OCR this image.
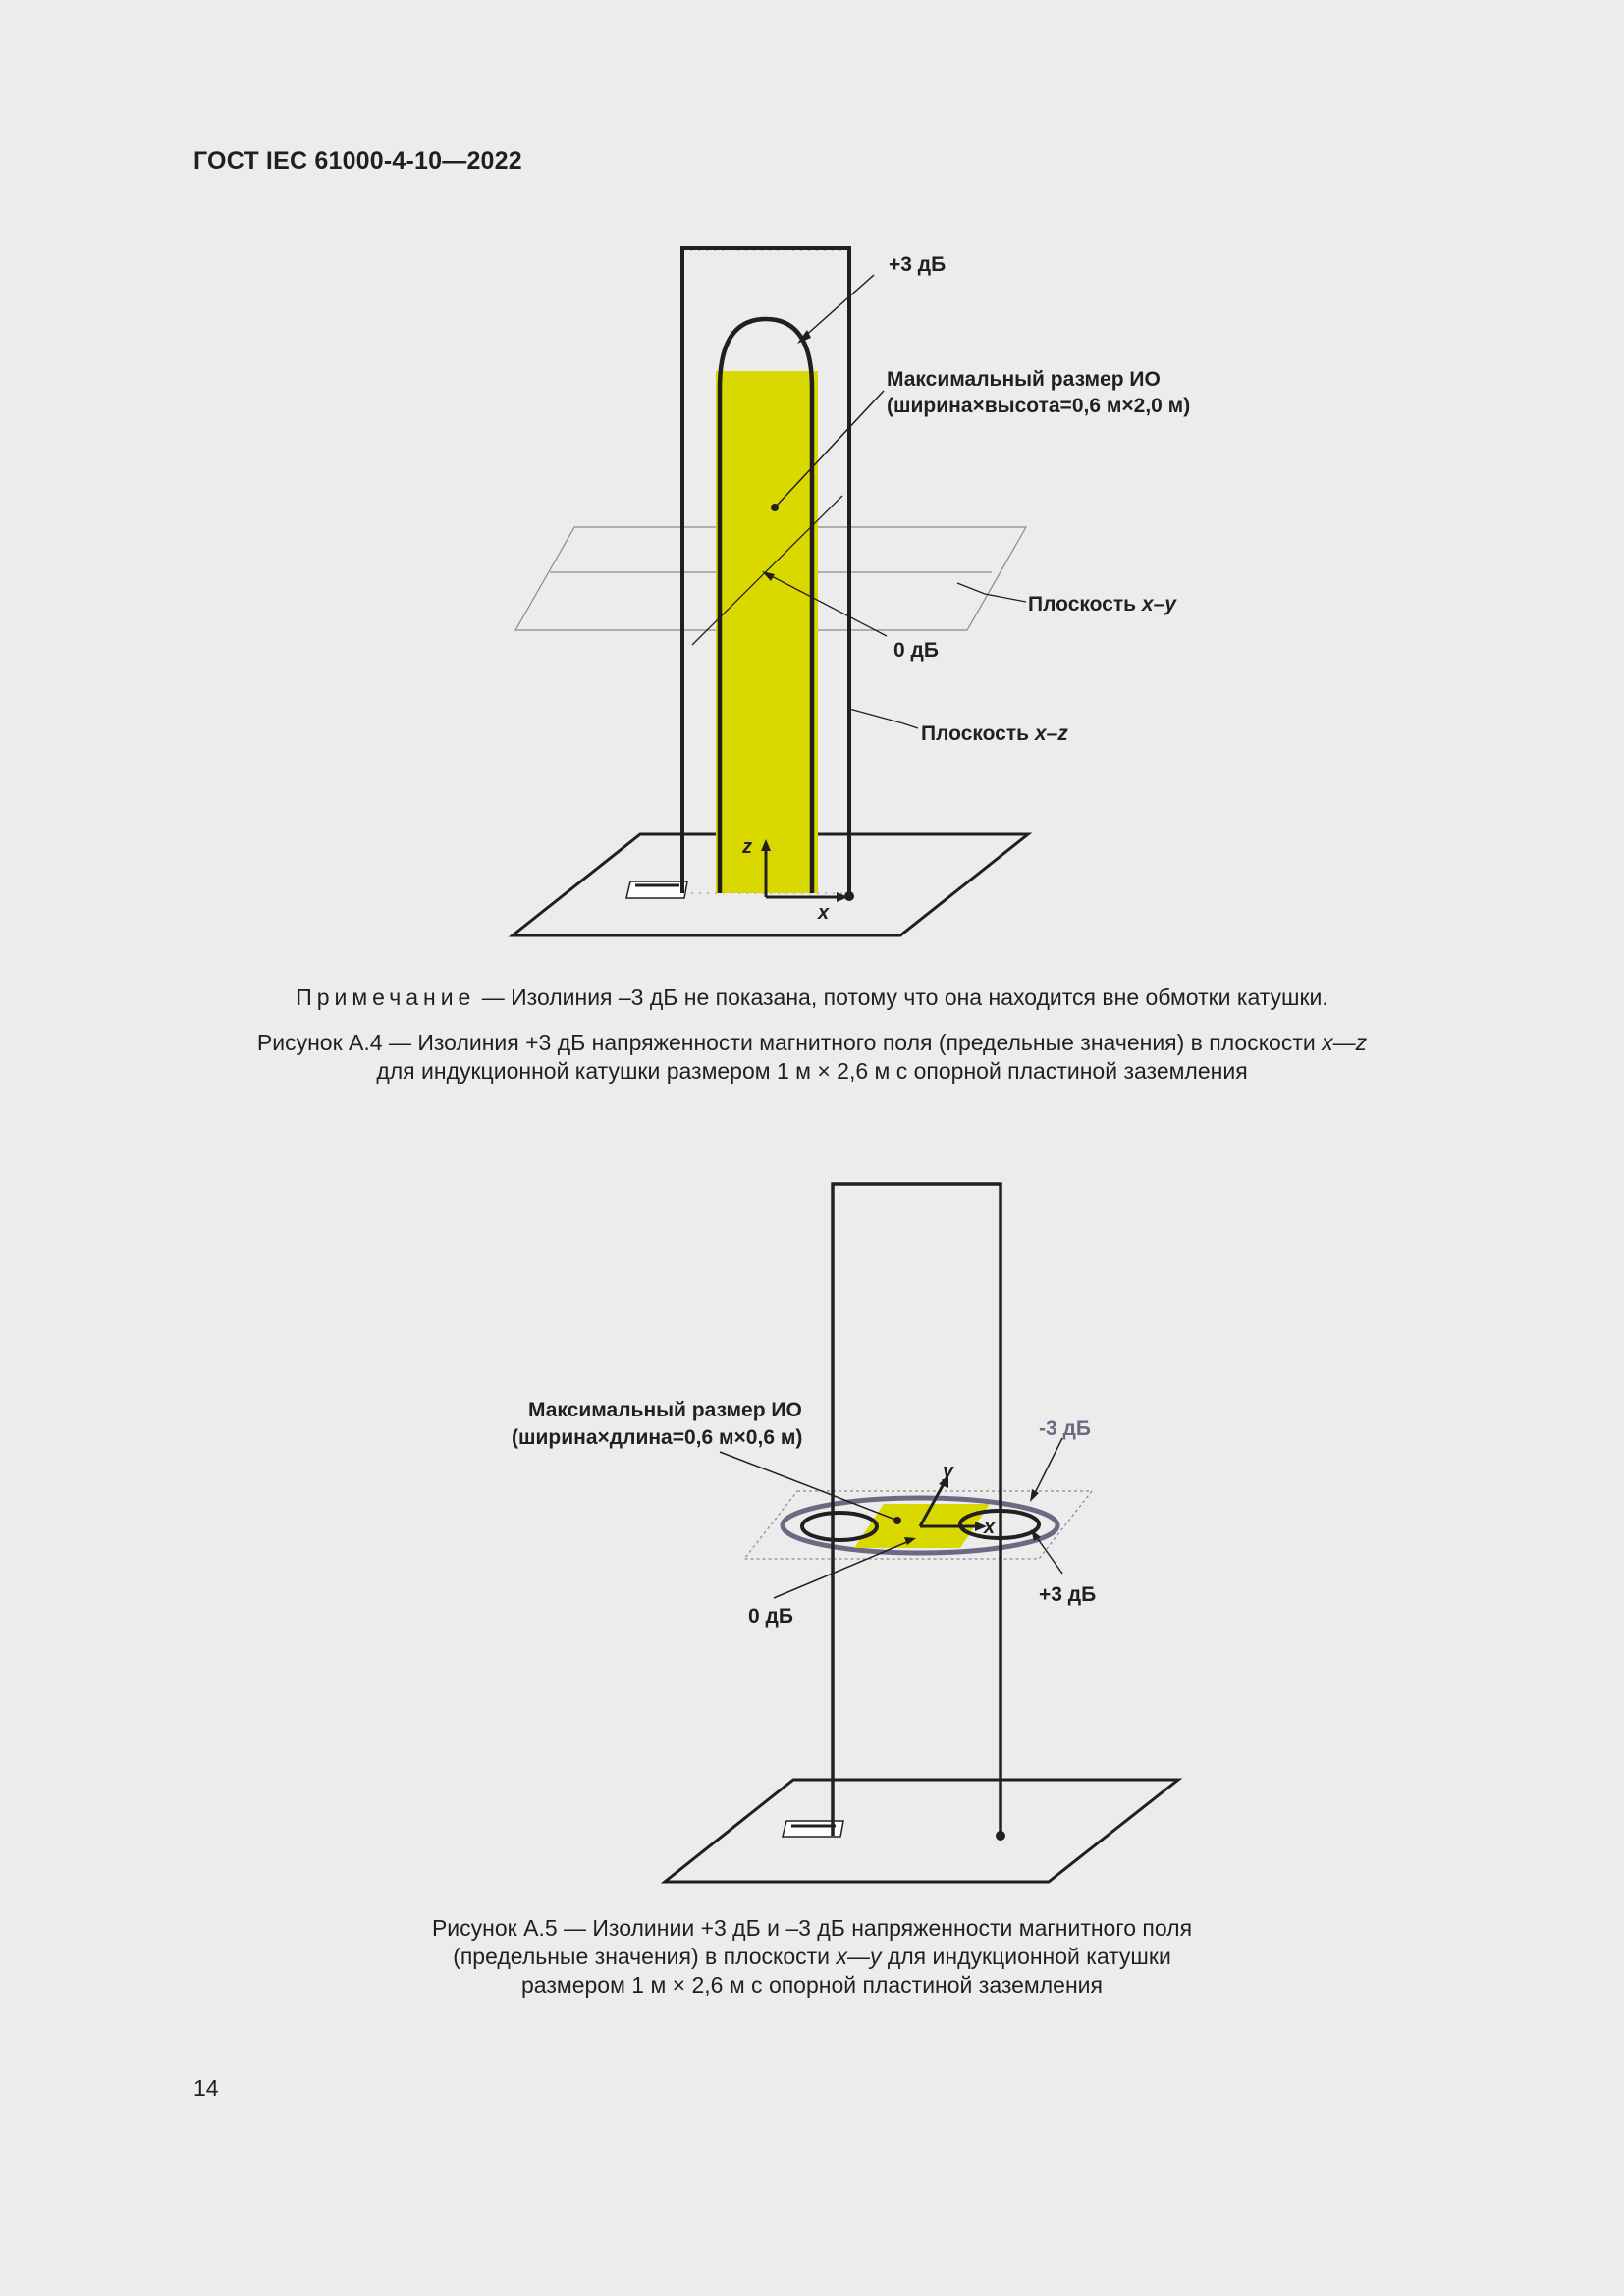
ГОСТ IEC 61000-4-10—2022
+3 дБ
Максимальный размер ИО
(ширина×высота=0,6 м×2,0 м)
Плоскость x–y
0 дБ
Плоскость x–z
z
x
Примечание — Изолиния –3 дБ не показана, потому что она находится вне обмотки катушки.
Рисунок А.4 — Изолиния +3 дБ напряженности магнитного поля (предельные значения) в плоскости x—z
для индукционной катушки размером 1 м × 2,6 м с опорной пластиной заземления
Максимальный размер ИО
(ширина×длина=0,6 м×0,6 м)	-3 дБ
+3 дБ
0 дБ
y
x
Рисунок А.5 — Изолинии +3 дБ и –3 дБ напряженности магнитного поля
(предельные значения) в плоскости x—y для индукционной катушки
размером 1 м × 2,6 м с опорной пластиной заземления
14
